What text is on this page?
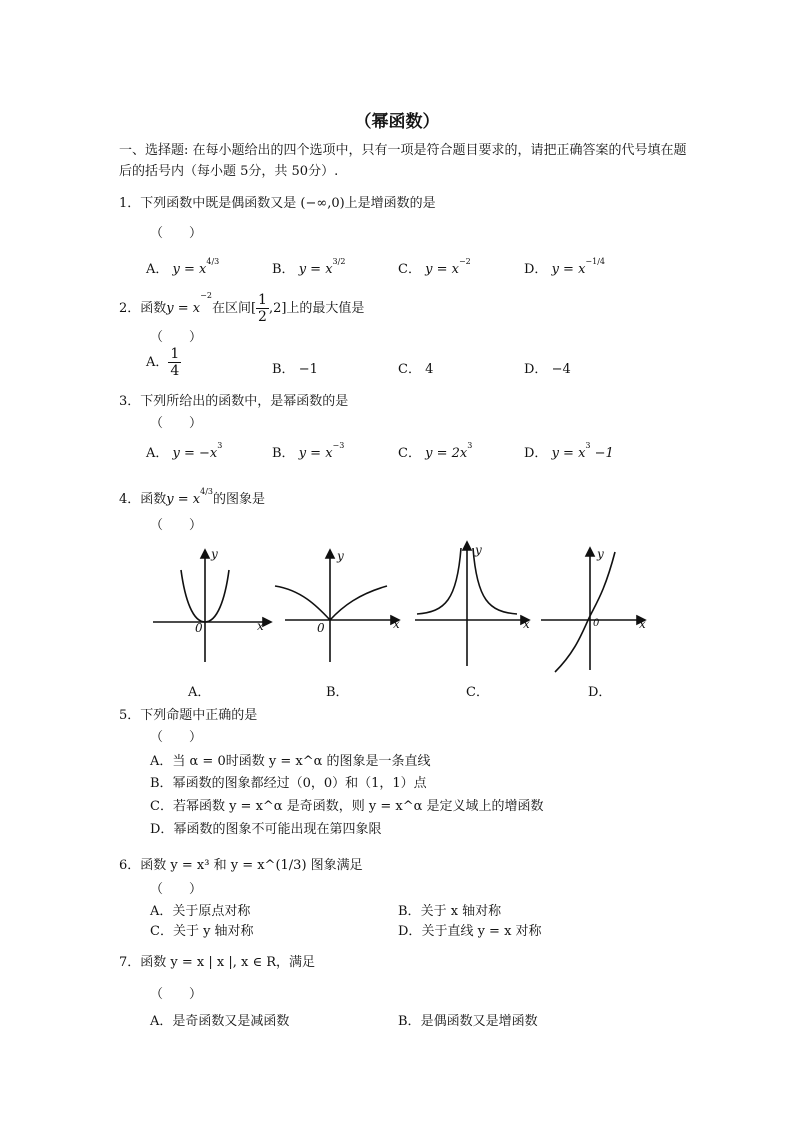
（幂函数）
一、选择题: 在每小题给出的四个选项中，只有一项是符合题目要求的，请把正确答案的代号填在题后的括号内（每小题 5分，共 50分）.
1．下列函数中既是偶函数又是 (−∞,0)上是增函数的是
（　　）
A． $y = x^{4/3}$
B． $y = x^{3/2}$
C． $y = x^{-2}$
D． $y = x^{-1/4}$
2．函数$y = x^{-2}$在区间[ $\frac{1}{2} ,2$]上的最大值是
（　　）
A． $\frac{1}{4}$	B． −1	C． 4	D． −4
3．下列所给出的函数中，是幂函数的是
（　　）
A． $y = -x^3$
B． $y = x^{-3}$
C． $y = 2x^3$
D． $y = x^3 -1$
4．函数$y = x^{4/3}$的图象是
（　　）
y
x
0
y
x
0
y
x
y
x
0
A．	B．	C．	D．
5．下列命题中正确的是
（　　）
A．当 α = 0时函数 y = x^α 的图象是一条直线
B．幂函数的图象都经过（0，0）和（1，1）点
C．若幂函数 y = x^α 是奇函数，则 y = x^α 是定义域上的增函数
D．幂函数的图象不可能出现在第四象限
6．函数 y = x³ 和 y = x^(1/3) 图象满足
（　　）
A．关于原点对称	B．关于 x 轴对称
C．关于 y 轴对称	D．关于直线 y = x 对称
7．函数 y = x | x |, x ∈ R，满足
（　　）
A．是奇函数又是减函数	B．是偶函数又是增函数
